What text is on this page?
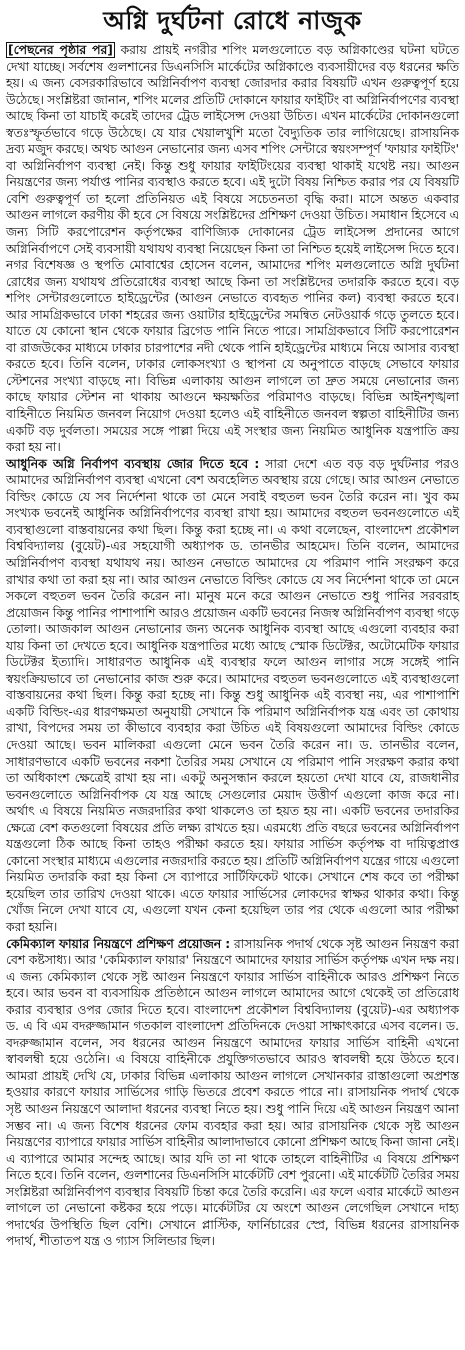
অগ্নি দুর্ঘটনা রোধে নাজুক

[পেছনের পৃষ্ঠার পর] করায় প্রায়ই নগরীর শপিং মলগুলোতে বড় অগ্নিকাণ্ডের ঘটনা ঘটতে দেখা যাচ্ছে। সর্বশেষ গুলশানের ডিএনসিসি মার্কেটের অগ্নিকাণ্ডে ব্যবসায়ীদের বড় ধরনের ক্ষতি হয়। এ জন্য বেসরকারিভাবে অগ্নিনির্বাপণ ব্যবস্থা জোরদার করার বিষয়টি এখন গুরুত্বপূর্ণ হয়ে উঠেছে। সংশ্লিষ্টরা জানান, শপিং মলের প্রতিটি দোকানে ফায়ার ফাইটিং বা অগ্নিনির্বাপণের ব্যবস্থা আছে কিনা তা যাচাই করেই তাদের ট্রেড লাইসেন্স দেওয়া উচিত। এখন মার্কেটের দোকানগুলো স্বতঃস্ফূর্তভাবে গড়ে উঠেছে। যে যার খেয়ালখুশি মতো বৈদ্যুতিক তার লাগিয়েছে। রাসায়নিক দ্রব্য মজুদ করছে। অথচ আগুন নেভানোর জন্য এসব শপিং সেন্টারে স্বয়ংসম্পূর্ণ 'ফায়ার ফাইটিং' বা অগ্নিনির্বাপণ ব্যবস্থা নেই। কিন্তু শুধু ফায়ার ফাইটিংয়ের ব্যবস্থা থাকাই যথেষ্ট নয়। আগুন নিয়ন্ত্রণের জন্য পর্যাপ্ত পানির ব্যবস্থাও করতে হবে। এই দুটো বিষয় নিশ্চিত করার পর যে বিষয়টি বেশি গুরুত্বপূর্ণ তা হলো প্রতিনিয়ত এই বিষয়ে সচেতনতা বৃদ্ধি করা। মাসে অন্তত একবার আগুন লাগলে করণীয় কী হবে সে বিষয়ে সংশ্লিষ্টদের প্রশিক্ষণ দেওয়া উচিত। সমাধান হিসেবে এ জন্য সিটি করপোরেশন কর্তৃপক্ষের বাণিজ্যিক দোকানের ট্রেড লাইসেন্স প্রদানের আগে অগ্নিনির্বাপণে সেই ব্যবসায়ী যথাযথ ব্যবস্থা নিয়েছেন কিনা তা নিশ্চিত হয়েই লাইসেন্স দিতে হবে। নগর বিশেষজ্ঞ ও স্থপতি মোবাশ্বের হোসেন বলেন, আমাদের শপিং মলগুলোতে অগ্নি দুর্ঘটনা রোধের জন্য যথাযথ প্রতিরোধের ব্যবস্থা আছে কিনা তা সংশ্লিষ্টদের তদারকি করতে হবে। বড় শপিং সেন্টারগুলোতে হাইড্রেন্টের (আগুন নেভাতে ব্যবহৃত পানির কল) ব্যবস্থা করতে হবে। আর সামগ্রিকভাবে ঢাকা শহরের জন্য ওয়াটার হাইড্রেন্টের সমন্বিত নেটওয়ার্ক গড়ে তুলতে হবে। যাতে যে কোনো স্থান থেকে ফায়ার ব্রিগেড পানি নিতে পারে। সামগ্রিকভাবে সিটি করপোরেশন বা রাজউকের মাধ্যমে ঢাকার চারপাশের নদী থেকে পানি হাইড্রেন্টের মাধ্যমে নিয়ে আসার ব্যবস্থা করতে হবে। তিনি বলেন, ঢাকার লোকসংখ্যা ও স্থাপনা যে অনুপাতে বাড়ছে সেভাবে ফায়ার স্টেশনের সংখ্যা বাড়ছে না। বিভিন্ন এলাকায় আগুন লাগলে তা দ্রুত সময়ে নেভানোর জন্য কাছে ফায়ার স্টেশন না থাকায় আগুনে ক্ষয়ক্ষতির পরিমাণও বাড়ছে। বিভিন্ন আইনশৃঙ্খলা বাহিনীতে নিয়মিত জনবল নিয়োগ দেওয়া হলেও এই বাহিনীতে জনবল স্বল্পতা বাহিনীটির জন্য একটি বড় দুর্বলতা। সময়ের সঙ্গে পাল্লা দিয়ে এই সংস্থার জন্য নিয়মিত আধুনিক যন্ত্রপাতি ক্রয় করা হয় না।

আধুনিক অগ্নি নির্বাপণ ব্যবস্থায় জোর দিতে হবে : সারা দেশে এত বড় বড় দুর্ঘটনার পরও আমাদের অগ্নিনির্বাপণ ব্যবস্থা এখনো বেশ অবহেলিত অবস্থায় রয়ে গেছে। আর আগুন নেভাতে বিল্ডিং কোডে যে সব নির্দেশনা থাকে তা মেনে সবাই বহুতল ভবন তৈরি করেন না। খুব কম সংখ্যক ভবনেই আধুনিক অগ্নিনির্বাপণের ব্যবস্থা রাখা হয়। আমাদের বহুতল ভবনগুলোতে এই ব্যবস্থাগুলো বাস্তবায়নের কথা ছিল। কিন্তু করা হচ্ছে না। এ কথা বলেছেন, বাংলাদেশ প্রকৌশল বিশ্ববিদ্যালয় (বুয়েট)-এর সহযোগী অধ্যাপক ড. তানভীর আহমেদ। তিনি বলেন, আমাদের অগ্নিনির্বাপণ ব্যবস্থা যথাযথ নয়। আগুন নেভাতে আমাদের যে পরিমাণ পানি সংরক্ষণ করে রাখার কথা তা করা হয় না। আর আগুন নেভাতে বিল্ডিং কোডে যে সব নির্দেশনা থাকে তা মেনে সকলে বহুতল ভবন তৈরি করেন না। মানুষ মনে করে আগুন নেভাতে শুধু পানির সরবরাহ প্রয়োজন কিন্তু পানির পাশাপাশি আরও প্রয়োজন একটি ভবনের নিজস্ব অগ্নিনির্বাপণ ব্যবস্থা গড়ে তোলা। আজকাল আগুন নেভানোর জন্য অনেক আধুনিক ব্যবস্থা আছে এগুলো ব্যবহার করা যায় কিনা তা দেখতে হবে। আধুনিক যন্ত্রপাতির মধ্যে আছে স্মোক ডিটেক্টর, অটোমেটিক ফায়ার ডিটেক্টর ইত্যাদি। সাধারণত আধুনিক এই ব্যবস্থার ফলে আগুন লাগার সঙ্গে সঙ্গেই পানি স্বয়ংক্রিয়ভাবে তা নেভানোর কাজ শুরু করে। আমাদের বহুতল ভবনগুলোতে এই ব্যবস্থাগুলো বাস্তবায়নের কথা ছিল। কিন্তু করা হচ্ছে না। কিন্তু শুধু আধুনিক এই ব্যবস্থা নয়, এর পাশাপাশি একটি বিল্ডিং-এর ধারণক্ষমতা অনুযায়ী সেখানে কি পরিমাণ অগ্নিনির্বাপক যন্ত্র এবং তা কোথায় রাখা, বিপদের সময় তা কীভাবে ব্যবহার করা উচিত এই বিষয়গুলো আমাদের বিল্ডিং কোডে দেওয়া আছে। ভবন মালিকরা এগুলো মেনে ভবন তৈরি করেন না। ড. তানভীর বলেন, সাধারণভাবে একটি ভবনের নকশা তৈরির সময় সেখানে যে পরিমাণ পানি সংরক্ষণ করার কথা তা অধিকাংশ ক্ষেত্রেই রাখা হয় না। একটু অনুসন্ধান করলে হয়তো দেখা যাবে যে, রাজধানীর ভবনগুলোতে অগ্নিনির্বাপক যে যন্ত্র আছে সেগুলোর মেয়াদ উত্তীর্ণ এগুলো কাজ করে না। অর্থাৎ এ বিষয়ে নিয়মিত নজরদারির কথা থাকলেও তা হয়ত হয় না। একটি ভবনের তদারকির ক্ষেত্রে বেশ কতগুলো বিষয়ের প্রতি লক্ষ্য রাখতে হয়। এরমধ্যে প্রতি বছরে ভবনের অগ্নিনির্বাপণ যন্ত্রগুলো ঠিক আছে কিনা তাহও পরীক্ষা করতে হয়। ফায়ার সার্ভিস কর্তৃপক্ষ বা দায়িত্বপ্রাপ্ত কোনো সংস্থার মাধ্যমে এগুলোর নজরদারি করতে হয়। প্রতিটি অগ্নিনির্বাপণ যন্ত্রের গায়ে এগুলো নিয়মিত তদারকি করা হয় কিনা সে ব্যাপারে সার্টিফিকেট থাকে। সেখানে শেষ কবে তা পরীক্ষা হয়েছিল তার তারিখ দেওয়া থাকে। এতে ফায়ার সার্ভিসের লোকদের স্বাক্ষর থাকার কথা। কিন্তু খোঁজ নিলে দেখা যাবে যে, এগুলো যখন কেনা হয়েছিল তার পর থেকে এগুলো আর পরীক্ষা করা হয়নি।

কেমিক্যাল ফায়ার নিয়ন্ত্রণে প্রশিক্ষণ প্রয়োজন : রাসায়নিক পদার্থ থেকে সৃষ্ট আগুন নিয়ন্ত্রণ করা বেশ কষ্টসাধ্য। আর 'কেমিক্যাল ফায়ার' নিয়ন্ত্রণে আমাদের ফায়ার সার্ভিস কর্তৃপক্ষ এখন দক্ষ নয়। এ জন্য কেমিক্যাল থেকে সৃষ্ট আগুন নিয়ন্ত্রণে ফায়ার সার্ভিস বাহিনীকে আরও প্রশিক্ষণ নিতে হবে। আর ভবন বা ব্যবসায়িক প্রতিষ্ঠানে আগুন লাগলে আমাদের আগে থেকেই তা প্রতিরোধ করার ব্যবস্থার ওপর জোর দিতে হবে। বাংলাদেশ প্রকৌশল বিশ্ববিদ্যালয় (বুয়েট)-এর অধ্যাপক ড. এ বি এম বদরুজ্জামান গতকাল বাংলাদেশ প্রতিদিনকে দেওয়া সাক্ষাৎকারে এসব বলেন। ড. বদরুজ্জামান বলেন, সব ধরনের আগুন নিয়ন্ত্রণে আমাদের ফায়ার সার্ভিস বাহিনী এখনো স্বাবলম্বী হয়ে ওঠেনি। এ বিষয়ে বাহিনীকে প্রযুক্তিগতভাবে আরও স্বাবলম্বী হয়ে উঠতে হবে। আমরা প্রায়ই দেখি যে, ঢাকার বিভিন্ন এলাকায় আগুন লাগলে সেখানকার রাস্তাগুলো অপ্রশস্ত হওয়ার কারণে ফায়ার সার্ভিসের গাড়ি ভিতরে প্রবেশ করতে পারে না। রাসায়নিক পদার্থ থেকে সৃষ্ট আগুন নিয়ন্ত্রণে আলাদা ধরনের ব্যবস্থা নিতে হয়। শুধু পানি দিয়ে এই আগুন নিয়ন্ত্রণ আনা সম্ভব না। এ জন্য বিশেষ ধরনের ফোম ব্যবহার করা হয়। আর রাসায়নিক থেকে সৃষ্ট আগুন নিয়ন্ত্রণের ব্যাপারে ফায়ার সার্ভিস বাহিনীর আলাদাভাবে কোনো প্রশিক্ষণ আছে কিনা জানা নেই। এ ব্যাপারে আমার সন্দেহ আছে। আর যদি তা না থাকে তাহলে বাহিনীটির এ বিষয়ে প্রশিক্ষণ নিতে হবে। তিনি বলেন, গুলশানের ডিএনসিসি মার্কেটটি বেশ পুরনো। এই মার্কেটটি তৈরির সময় সংশ্লিষ্টরা অগ্নিনির্বাপণ ব্যবস্থার বিষয়টি চিন্তা করে তৈরি করেনি। এর ফলে এবার মার্কেটে আগুন লাগলে তা নেভানো কষ্টকর হয়ে পড়ে। মার্কেটটির যে অংশে আগুন লেগেছিল সেখানে দাহ্য পদার্থের উপস্থিতি ছিল বেশি। সেখানে প্লাস্টিক, ফার্নিচারের স্প্রে, বিভিন্ন ধরনের রাসায়নিক পদার্থ, শীতাতপ যন্ত্র ও গ্যাস সিলিন্ডার ছিল।
